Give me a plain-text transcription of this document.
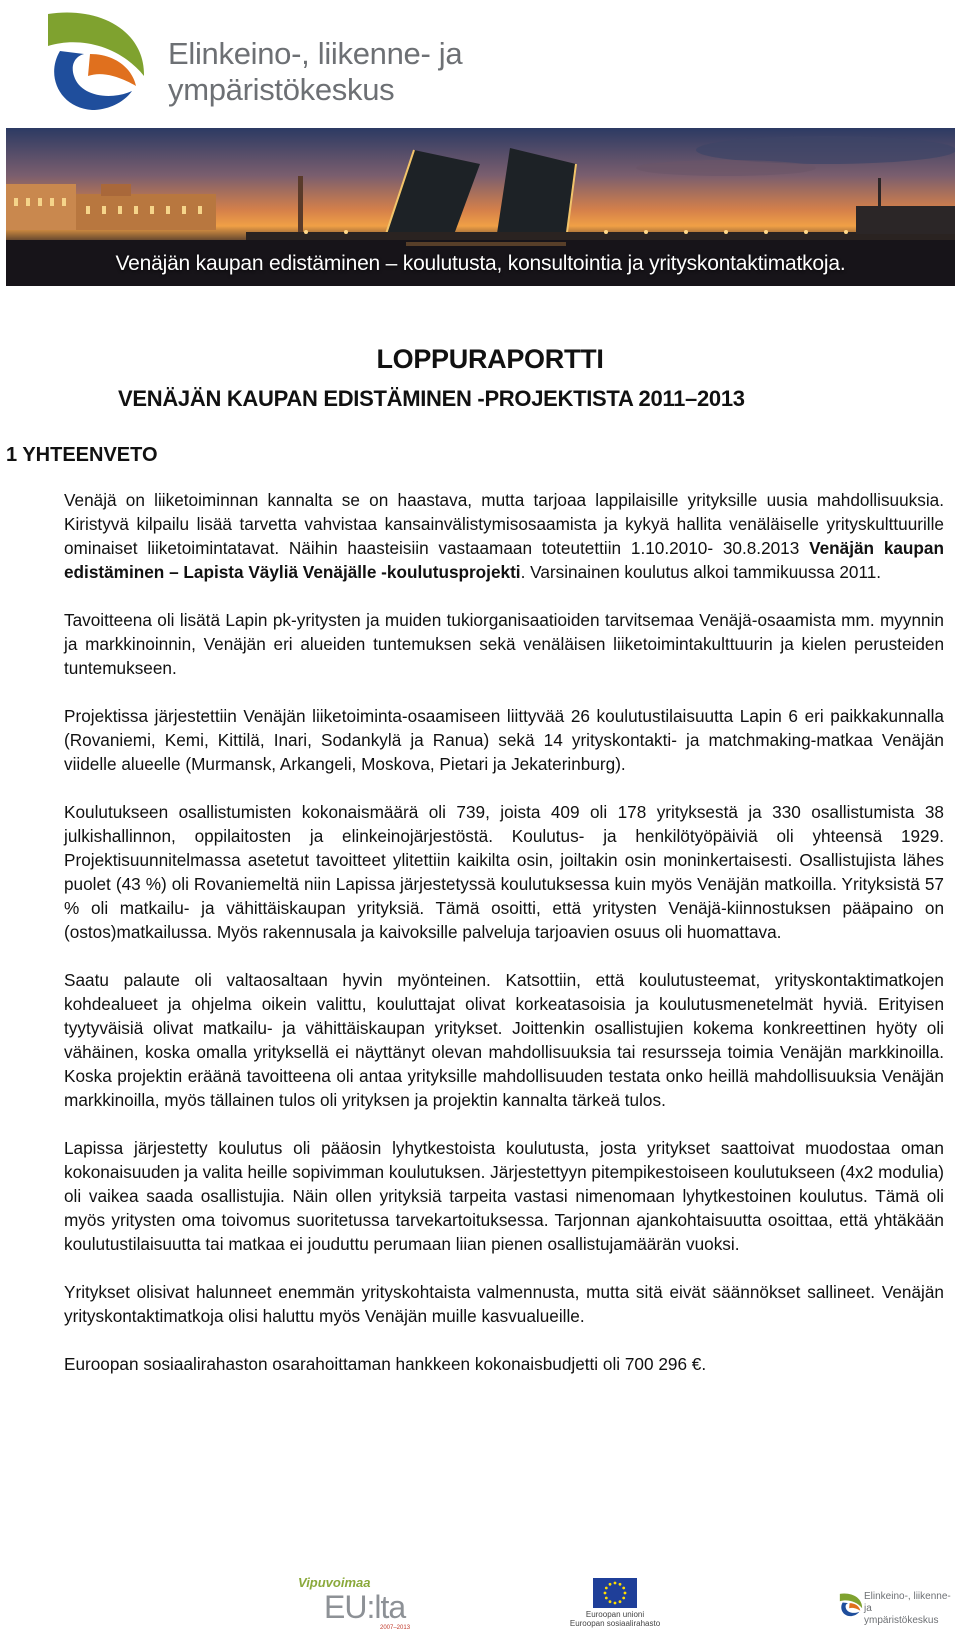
Elinkeino-, liikenne- ja
ympäristökeskus
Venäjän kaupan edistäminen – koulutusta, konsultointia ja yrityskontaktimatkoja.
LOPPURAPORTTI
VENÄJÄN KAUPAN EDISTÄMINEN -PROJEKTISTA 2011–2013
1 YHTEENVETO

Venäjä on liiketoiminnan kannalta se on haastava, mutta tarjoaa lappilaisille yrityksille uusia mahdollisuuksia. Kiristyvä kilpailu lisää tarvetta vahvistaa kansainvälistymisosaamista ja kykyä hallita venäläiselle yrityskulttuurille ominaiset liiketoimintatavat. Näihin haasteisiin vastaamaan toteutettiin 1.10.2010- 30.8.2013 Venäjän kaupan edistäminen – Lapista Väyliä Venäjälle -koulutusprojekti. Varsinainen koulutus alkoi tammikuussa 2011.

Tavoitteena oli lisätä Lapin pk-yritysten ja muiden tukiorganisaatioiden tarvitsemaa Venäjä-osaamista mm. myynnin ja markkinoinnin, Venäjän eri alueiden tuntemuksen sekä venäläisen liiketoimintakulttuurin ja kielen perusteiden tuntemukseen.

Projektissa järjestettiin Venäjän liiketoiminta-osaamiseen liittyvää 26 koulutustilaisuutta Lapin 6 eri paikkakunnalla (Rovaniemi, Kemi, Kittilä, Inari, Sodankylä ja Ranua) sekä 14 yrityskontakti- ja matchmaking-matkaa Venäjän viidelle alueelle (Murmansk, Arkangeli, Moskova, Pietari ja Jekaterinburg).

Koulutukseen osallistumisten kokonaismäärä oli 739, joista 409 oli 178 yrityksestä ja 330 osallistumista 38 julkishallinnon, oppilaitosten ja elinkeinojärjestöstä. Koulutus- ja henkilötyöpäiviä oli yhteensä 1929. Projektisuunnitelmassa asetetut tavoitteet ylitettiin kaikilta osin, joiltakin osin moninkertaisesti. Osallistujista lähes puolet (43 %) oli Rovaniemeltä niin Lapissa järjestetyssä koulutuksessa kuin myös Venäjän matkoilla. Yrityksistä 57 % oli matkailu- ja vähittäiskaupan yrityksiä. Tämä osoitti, että yritysten Venäjä-kiinnostuksen pääpaino on (ostos)matkailussa. Myös rakennusala ja kaivoksille palveluja tarjoavien osuus oli huomattava.

Saatu palaute oli valtaosaltaan hyvin myönteinen. Katsottiin, että koulutusteemat, yrityskontaktimatkojen kohdealueet ja ohjelma oikein valittu, kouluttajat olivat korkeatasoisia ja koulutusmenetelmät hyviä. Erityisen tyytyväisiä olivat matkailu- ja vähittäiskaupan yritykset. Joittenkin osallistujien kokema konkreettinen hyöty oli vähäinen, koska omalla yrityksellä ei näyttänyt olevan mahdollisuuksia tai resursseja toimia Venäjän markkinoilla. Koska projektin eräänä tavoitteena oli antaa yrityksille mahdollisuuden testata onko heillä mahdollisuuksia Venäjän markkinoilla, myös tällainen tulos oli yrityksen ja projektin kannalta tärkeä tulos.

Lapissa järjestetty koulutus oli pääosin lyhytkestoista koulutusta, josta yritykset saattoivat muodostaa oman kokonaisuuden ja valita heille sopivimman koulutuksen. Järjestettyyn pitempikestoiseen koulutukseen (4x2 modulia) oli vaikea saada osallistujia. Näin ollen yrityksiä tarpeita vastasi nimenomaan lyhytkestoinen koulutus. Tämä oli myös yritysten oma toivomus suoritetussa tarvekartoituksessa. Tarjonnan ajankohtaisuutta osoittaa, että yhtäkään koulutustilaisuutta tai matkaa ei jouduttu perumaan liian pienen osallistujamäärän vuoksi.

Yritykset olisivat halunneet enemmän yrityskohtaista valmennusta, mutta sitä eivät säännökset sallineet. Venäjän yrityskontaktimatkoja olisi haluttu myös Venäjän muille kasvualueille.

Euroopan sosiaalirahaston osarahoittaman hankkeen kokonaisbudjetti oli 700 296 €.

Vipuvoimaa
EU:lta
2007–2013
Euroopan unioni
Euroopan sosiaalirahasto
Elinkeino-, liikenne- ja
ympäristökeskus
